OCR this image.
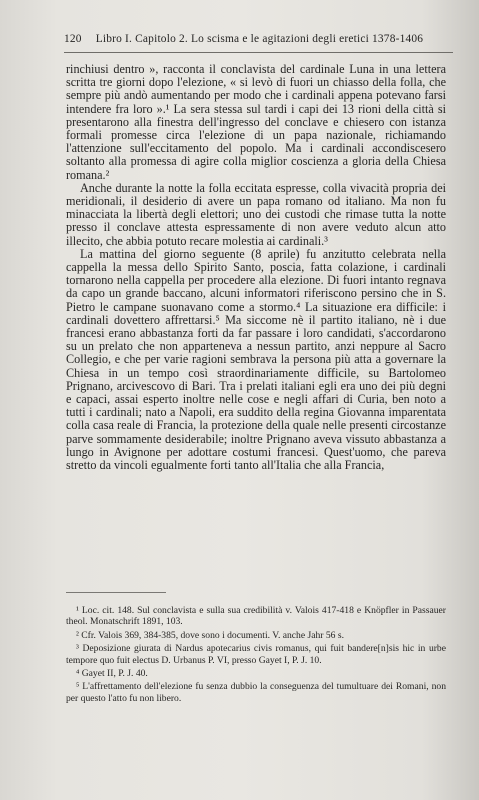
120 Libro I. Capitolo 2. Lo scisma e le agitazioni degli eretici 1378-1406

rinchiusi dentro », racconta il conclavista del cardinale Luna in una lettera scritta tre giorni dopo l'elezione, « si levò di fuori un chiasso della folla, che sempre più andò aumentando per modo che i cardinali appena potevano farsi intendere fra loro ».¹ La sera stessa sul tardi i capi dei 13 rioni della città si presentarono alla finestra dell'ingresso del conclave e chiesero con istanza formali promesse circa l'elezione di un papa nazionale, richiamando l'attenzione sull'eccitamento del popolo. Ma i cardinali accondiscesero soltanto alla promessa di agire colla miglior coscienza a gloria della Chiesa romana.²

Anche durante la notte la folla eccitata espresse, colla vivacità propria dei meridionali, il desiderio di avere un papa romano od italiano. Ma non fu minacciata la libertà degli elettori; uno dei custodi che rimase tutta la notte presso il conclave attesta espressamente di non avere veduto alcun atto illecito, che abbia potuto recare molestia ai cardinali.³

La mattina del giorno seguente (8 aprile) fu anzitutto celebrata nella cappella la messa dello Spirito Santo, poscia, fatta colazione, i cardinali tornarono nella cappella per procedere alla elezione. Di fuori intanto regnava da capo un grande baccano, alcuni informatori riferiscono persino che in S. Pietro le campane suonavano come a stormo.⁴ La situazione era difficile: i cardinali dovettero affrettarsi.⁵ Ma siccome nè il partito italiano, nè i due francesi erano abbastanza forti da far passare i loro candidati, s'accordarono su un prelato che non apparteneva a nessun partito, anzi neppure al Sacro Collegio, e che per varie ragioni sembrava la persona più atta a governare la Chiesa in un tempo così straordinariamente difficile, su Bartolomeo Prignano, arcivescovo di Bari. Tra i prelati italiani egli era uno dei più degni e capaci, assai esperto inoltre nelle cose e negli affari di Curia, ben noto a tutti i cardinali; nato a Napoli, era suddito della regina Giovanna imparentata colla casa reale di Francia, la protezione della quale nelle presenti circostanze parve sommamente desiderabile; inoltre Prignano aveva vissuto abbastanza a lungo in Avignone per adottare costumi francesi. Quest'uomo, che pareva stretto da vincoli egualmente forti tanto all'Italia che alla Francia,

¹ Loc. cit. 148. Sul conclavista e sulla sua credibilità v. Valois 417-418 e Knöpfler in Passauer theol. Monatschrift 1891, 103.

² Cfr. Valois 369, 384-385, dove sono i documenti. V. anche Jahr 56 s.

³ Deposizione giurata di Nardus apotecarius civis romanus, qui fuit bandere[n]sis hic in urbe tempore quo fuit electus D. Urbanus P. VI, presso Gayet I, P. J. 10.

⁴ Gayet II, P. J. 40.

⁵ L'affrettamento dell'elezione fu senza dubbio la conseguenza del tumultuare dei Romani, non per questo l'atto fu non libero.
